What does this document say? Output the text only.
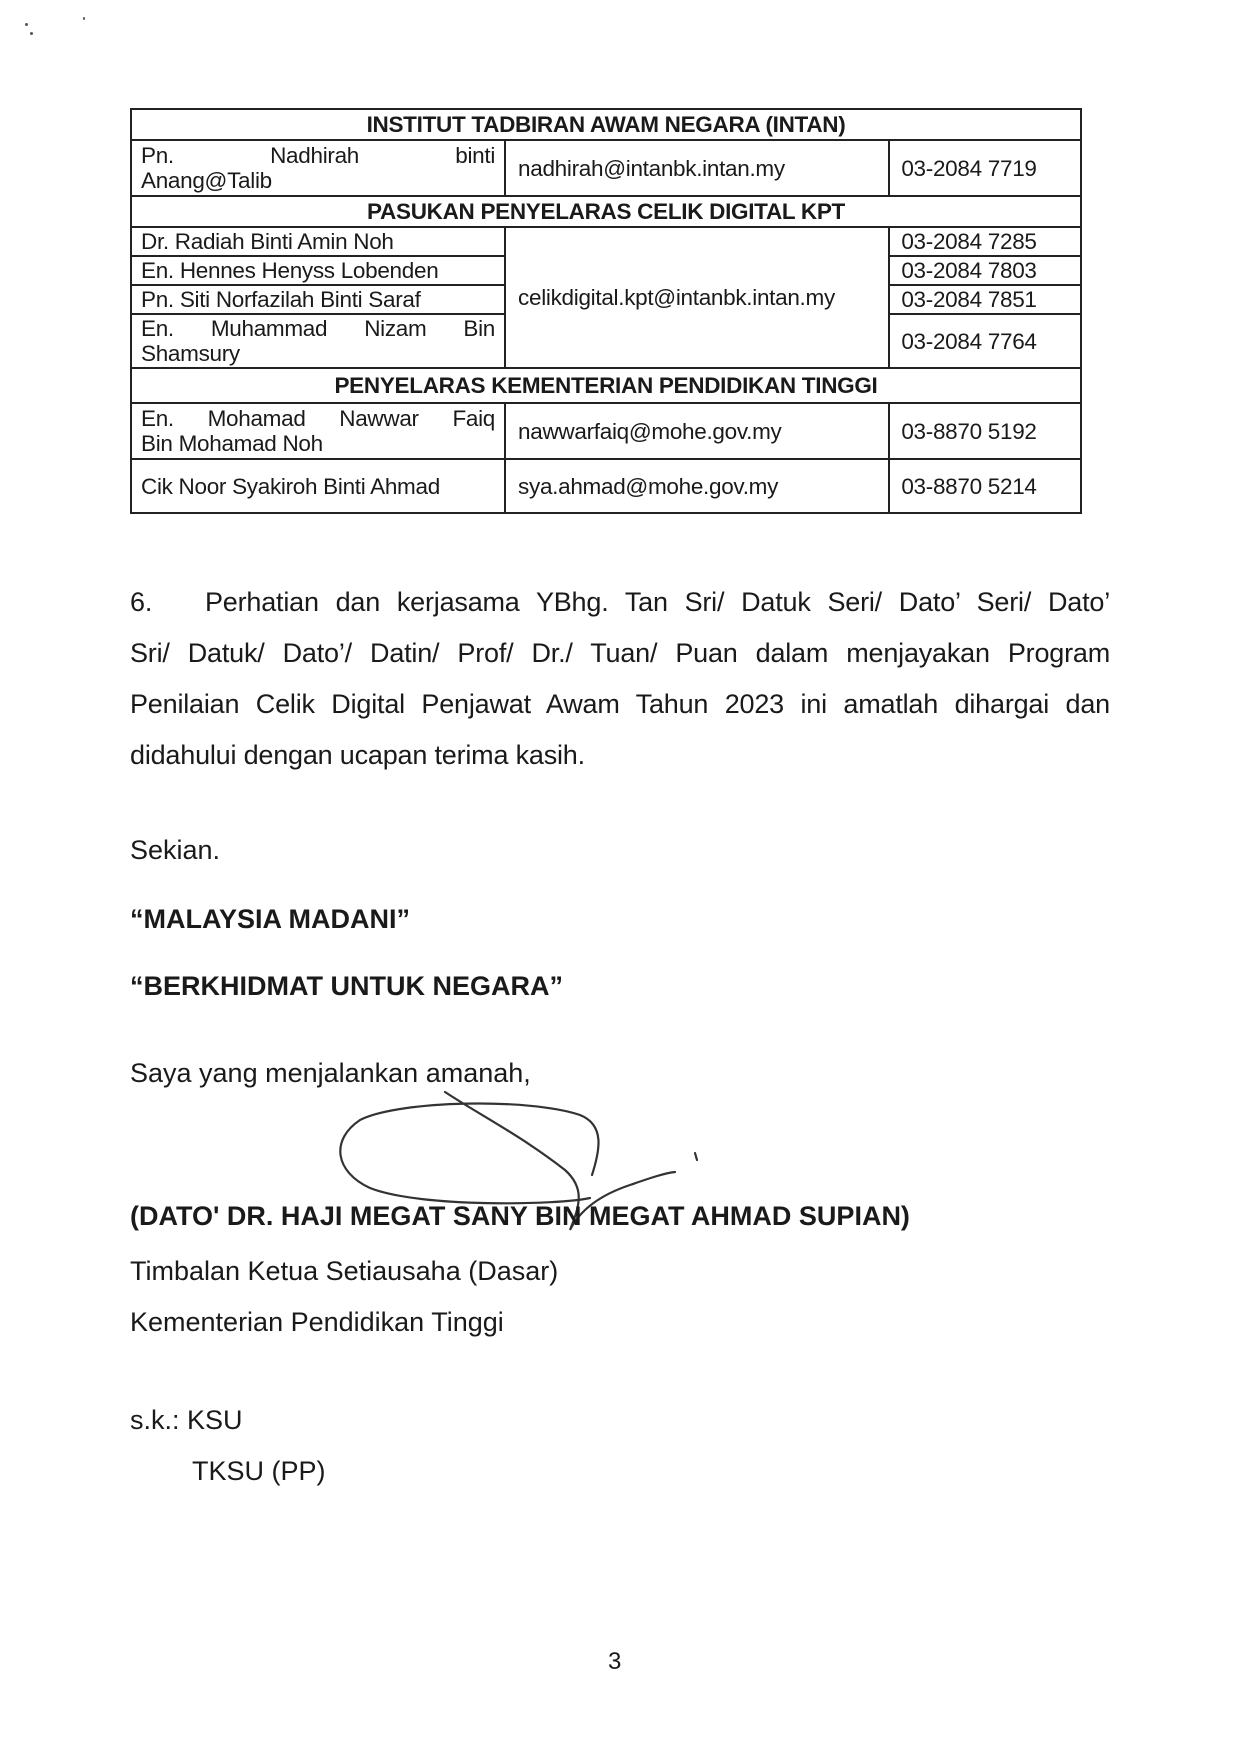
INSTITUT TADBIRAN AWAM NEGARA (INTAN)		

Pn. Nadhirah binti
Anang@Talib	nadhirah@intanbk.intan.my	03-2084 7719
PASUKAN PENYELARAS CELIK DIGITAL KPT		
Dr. Radiah Binti Amin Noh	celikdigital.kpt@intanbk.intan.my	03-2084 7285
En. Hennes Henyss Lobenden		03-2084 7803
Pn. Siti Norfazilah Binti Saraf		03-2084 7851

En. Muhammad Nizam Bin
Shamsury		03-2084 7764
PENYELARAS KEMENTERIAN PENDIDIKAN TINGGI		

En. Mohamad Nawwar Faiq
Bin Mohamad Noh	nawwarfaiq@mohe.gov.my	03-8870 5192
Cik Noor Syakiroh Binti Ahmad	sya.ahmad@mohe.gov.my	03-8870 5214
6. Perhatian dan kerjasama YBhg. Tan Sri/ Datuk Seri/ Dato’ Seri/ Dato’
Sri/ Datuk/ Dato’/ Datin/ Prof/ Dr./ Tuan/ Puan dalam menjayakan Program
Penilaian Celik Digital Penjawat Awam Tahun 2023 ini amatlah dihargai dan
didahului dengan ucapan terima kasih.
Sekian.
“MALAYSIA MADANI”
“BERKHIDMAT UNTUK NEGARA”
Saya yang menjalankan amanah,
(DATO' DR. HAJI MEGAT SANY BIN MEGAT AHMAD SUPIAN)
Timbalan Ketua Setiausaha (Dasar)
Kementerian Pendidikan Tinggi
s.k.: KSU
TKSU (PP)
3
